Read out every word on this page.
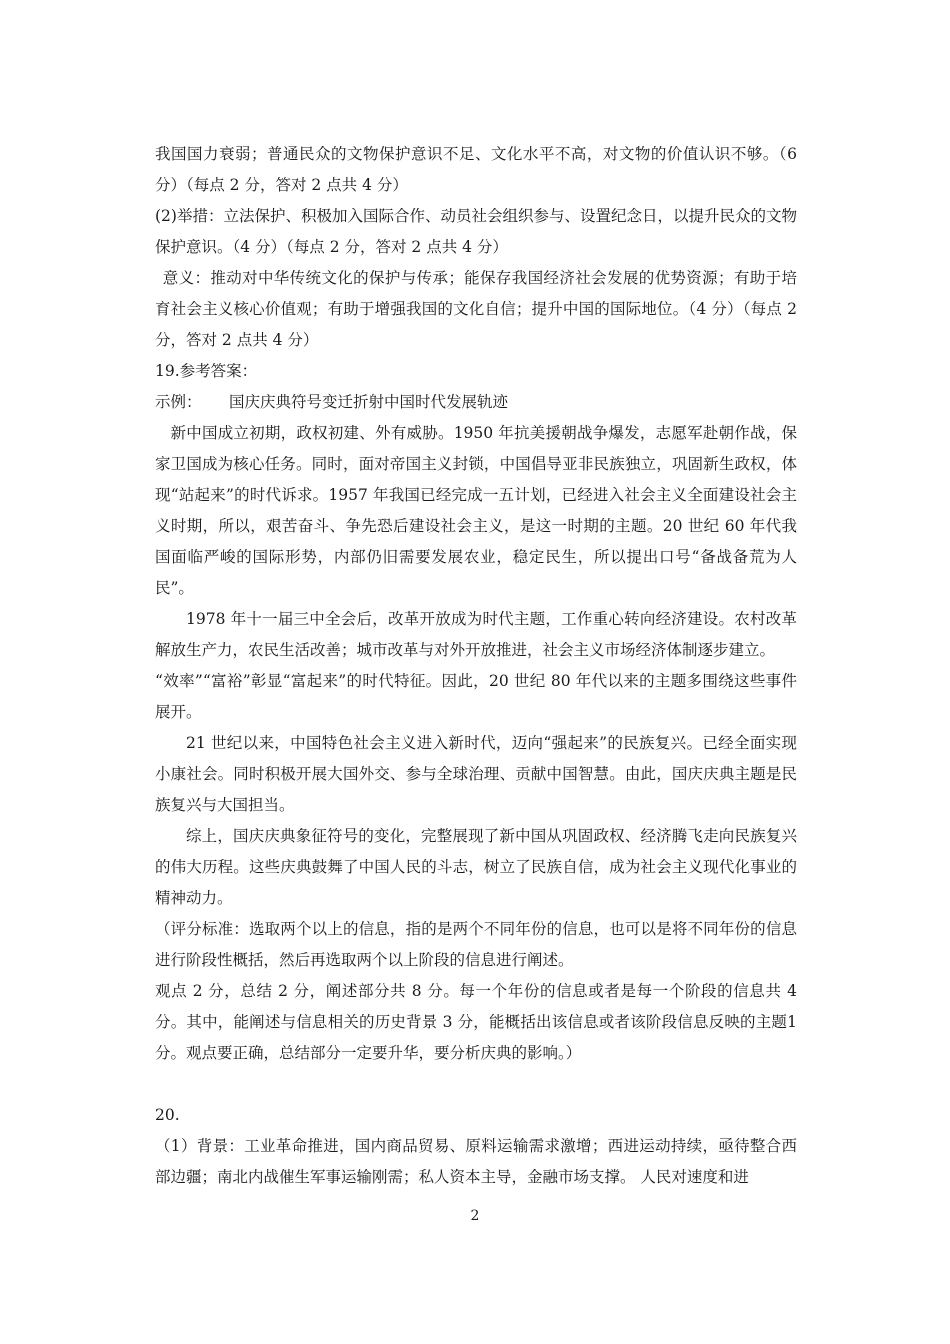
我国国力衰弱；普通民众的文物保护意识不足、文化水平不高，对文物的价值认识不够。（6分）（每点 2 分，答对 2 点共 4 分）

(2)举措：立法保护、积极加入国际合作、动员社会组织参与、设置纪念日，以提升民众的文物保护意识。（4 分）（每点 2 分，答对 2 点共 4 分）

意义：推动对中华传统文化的保护与传承；能保存我国经济社会发展的优势资源；有助于培育社会主义核心价值观；有助于增强我国的文化自信；提升中国的国际地位。（4 分）（每点 2 分，答对 2 点共 4 分）

19.参考答案：

示例：	国庆庆典符号变迁折射中国时代发展轨迹

新中国成立初期，政权初建、外有威胁。1950 年抗美援朝战争爆发，志愿军赴朝作战，保家卫国成为核心任务。同时，面对帝国主义封锁，中国倡导亚非民族独立，巩固新生政权，体现“站起来”的时代诉求。1957 年我国已经完成一五计划，已经进入社会主义全面建设社会主义时期，所以，艰苦奋斗、争先恐后建设社会主义，是这一时期的主题。20 世纪 60 年代我国面临严峻的国际形势，内部仍旧需要发展农业，稳定民生，所以提出口号“备战备荒为人民”。

1978 年十一届三中全会后，改革开放成为时代主题，工作重心转向经济建设。农村改革解放生产力，农民生活改善；城市改革与对外开放推进，社会主义市场经济体制逐步建立。

“效率”“富裕”彰显“富起来”的时代特征。因此，20 世纪 80 年代以来的主题多围绕这些事件展开。

21 世纪以来，中国特色社会主义进入新时代，迈向“强起来”的民族复兴。已经全面实现小康社会。同时积极开展大国外交、参与全球治理、贡献中国智慧。由此，国庆庆典主题是民族复兴与大国担当。

综上，国庆庆典象征符号的变化，完整展现了新中国从巩固政权、经济腾飞走向民族复兴的伟大历程。这些庆典鼓舞了中国人民的斗志，树立了民族自信，成为社会主义现代化事业的精神动力。

（评分标准：选取两个以上的信息，指的是两个不同年份的信息，也可以是将不同年份的信息进行阶段性概括，然后再选取两个以上阶段的信息进行阐述。

观点 2 分，总结 2 分，阐述部分共 8 分。每一个年份的信息或者是每一个阶段的信息共 4分。其中，能阐述与信息相关的历史背景 3 分，能概括出该信息或者该阶段信息反映的主题1 分。观点要正确，总结部分一定要升华，要分析庆典的影响。）

20.

（1）背景：工业革命推进，国内商品贸易、原料运输需求激增；西进运动持续，亟待整合西部边疆；南北内战催生军事运输刚需；私人资本主导，金融市场支撑。 人民对速度和进

2
